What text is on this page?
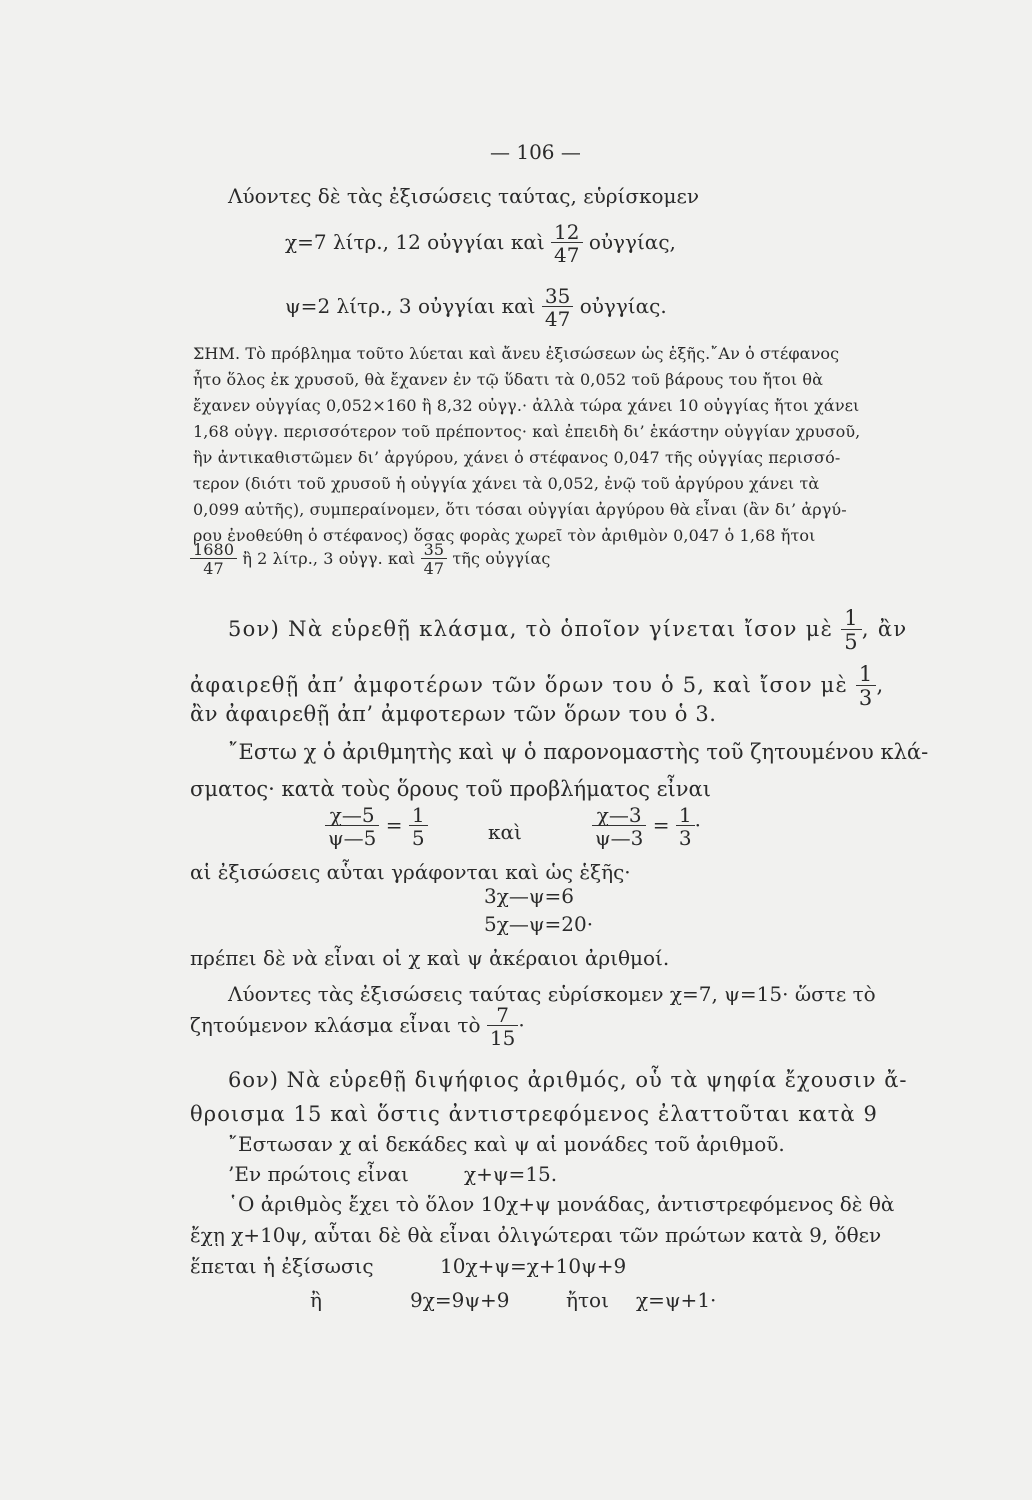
— 106 —
Λύοντες δὲ τὰς ἐξισώσεις ταύτας, εὑρίσκομεν
χ=7 λίτρ., 12 οὐγγίαι καὶ $\frac{12}{47}$ οὐγγίας,
ψ=2 λίτρ., 3 οὐγγίαι καὶ $\frac{35}{47}$ οὐγγίας.
ΣΗΜ. Τὸ πρόβλημα τοῦτο λύεται καὶ ἄνευ ἐξισώσεων ὡς ἑξῆς.῎Αν ὁ στέφανος
ἦτο ὅλος ἐκ χρυσοῦ, θὰ ἔχανεν ἐν τῷ ὕδατι τὰ 0,052 τοῦ βάρους του ἤτοι θὰ
ἔχανεν οὐγγίας 0,052×160 ἢ 8,32 οὐγγ.· ἀλλὰ τώρα χάνει 10 οὐγγίας ἤτοι χάνει
1,68 οὐγγ. περισσότερον τοῦ πρέποντος· καὶ ἐπειδὴ δι’ ἑκάστην οὐγγίαν χρυσοῦ,
ἣν ἀντικαθιστῶμεν δι’ ἀργύρου, χάνει ὁ στέφανος 0,047 τῆς οὐγγίας περισσό-
τερον (διότι τοῦ χρυσοῦ ἡ οὐγγία χάνει τὰ 0,052, ἐνῷ τοῦ ἀργύρου χάνει τὰ
0,099 αὐτῆς), συμπεραίνομεν, ὅτι τόσαι οὐγγίαι ἀργύρου θὰ εἶναι (ἂν δι’ ἀργύ-
ρου ἐνοθεύθη ὁ στέφανος) ὅσας φορὰς χωρεῖ τὸν ἀριθμὸν 0,047 ὁ 1,68 ἤτοι
$\frac{1680}{47}$ ἢ 2 λίτρ., 3 οὐγγ. καὶ $\frac{35}{47}$ τῆς οὐγγίας
5ον) Νὰ εὑρεθῇ κλάσμα, τὸ ὁποῖον γίνεται ἴσον μὲ $\frac{1}{5}$ , ἂν
ἀφαιρεθῇ ἀπ’ ἀμφοτέρων τῶν ὅρων του ὁ 5, καὶ ἴσον μὲ $\frac{1}{3}$ ,
ἂν ἀφαιρεθῇ ἀπ’ ἀμφοτερων τῶν ὅρων του ὁ 3.
῎Εστω χ ὁ ἀριθμητὴς καὶ ψ ὁ παρονομαστὴς τοῦ ζητουμένου κλά-
σματος· κατὰ τοὺς ὅρους τοῦ προβλήματος εἶναι
$\frac{\chi—5}{\psi—5} = \frac{1}{5}$	καὶ	$\frac{\chi—3}{\psi—3} = \frac{1}{3}$ ·
αἱ ἐξισώσεις αὗται γράφονται καὶ ὡς ἑξῆς·
3χ—ψ=6
5χ—ψ=20·
πρέπει δὲ νὰ εἶναι οἱ χ καὶ ψ ἀκέραιοι ἀριθμοί.
Λύοντες τὰς ἐξισώσεις ταύτας εὑρίσκομεν χ=7, ψ=15· ὥστε τὸ
ζητούμενον κλάσμα εἶναι τὸ $\frac{7}{15}$ ·
6ον) Νὰ εὑρεθῇ διψήφιος ἀριθμός, οὗ τὰ ψηφία ἔχουσιν ἄ-
θροισμα 15 καὶ ὅστις ἀντιστρεφόμενος ἐλαττοῦται κατὰ 9
῎Εστωσαν χ αἱ δεκάδες καὶ ψ αἱ μονάδες τοῦ ἀριθμοῦ.
’Εν πρώτοις εἶναι	χ+ψ=15.
῾Ο ἀριθμὸς ἔχει τὸ ὅλον 10χ+ψ μονάδας, ἀντιστρεφόμενος δὲ θὰ
ἔχῃ χ+10ψ, αὗται δὲ θὰ εἶναι ὀλιγώτεραι τῶν πρώτων κατὰ 9, ὅθεν
ἕπεται ἡ ἐξίσωσις	10χ+ψ=χ+10ψ+9
ἢ	9χ=9ψ+9	ἤτοι χ=ψ+1·
